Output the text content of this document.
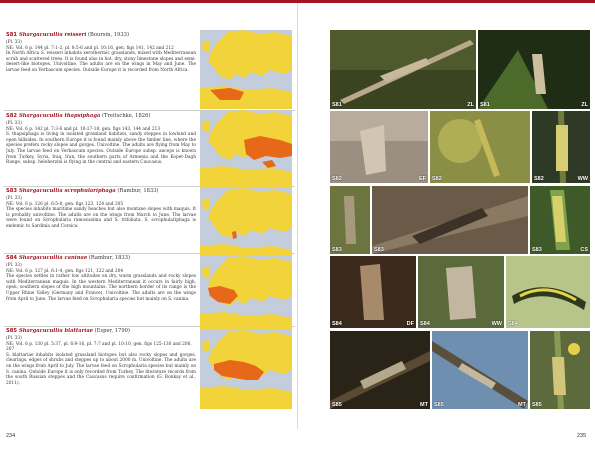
S81 Shargacucullia reisseri (Boursin, 1933)

(Pl. 33)

NE: Vol. 6 p. 144 pl. 7:1-2, pl. 8:5-6 and pl. 10:16, gen. figs 141, 142 and 212

In North Africa S. reisseri inhabits xerothermic grasslands, mixed with Mediterranean scrub and scattered trees. It is found also in hot, dry, stony limestone slopes and semi-desert-like biotopes. Univoltine. The adults are on the wings in May and June. The larvae feed on Verbascum species. Outside Europe it is recorded from North Africa.

S82 Shargacucullia thapsiphaga (Treitschke, 1826)

(Pl. 33)

NE: Vol. 6 p. 142 pl. 7:3-6 and pl. 10:17-18, gen. figs 143, 144 and 213

S. thapsiphaga is living in isolated grassland habitats, sandy steppes in lowland and open hillsides. In southern Europe it is found mainly above the timber line, where the species prefers rocky slopes and gorges. Univoltine. The adults are flying from May to July. The larvae feed on Verbascum species. Outside Europe subsp. anceps is known from Turkey, Syria, Iraq, Iran, the southern parts of Armenia and the Kopet-Dagh Range, subsp. heloherzini is flying in the central and eastern Caucasus.

S83 Shargacucullia scrophulariphaga (Rambur, 1833)

(Pl. 33)

NE: Vol. 6 p. 126 pl. 6:5-8, gen. figs 123, 124 and 205

The species inhabits maritime sandy beaches but also montane slopes with maquis. It is probably univoltine. The adults are on the wings from March to June. The larvae were found on Scrophularia ramosissima and S. trifoliata. S. scrophulariphaga is endemic to Sardinia and Corsica.

S84 Shargacucullia caninae (Rambur, 1833)

(Pl. 33)

NE: Vol. 6 p. 127 pl. 6:1-4, gen. figs 121, 122 and 204

The species settles in rather low altitudes on dry, warm grasslands and rocky slopes with Mediterranean maquis. In the western Mediterranean it occurs in fairly high, open, southern slopes of the high mountains. The northern border of its range is the Upper Rhine Valley (Germany and France). Univoltine. The adults are on the wings from April to June. The larvae feed on Scrophularia species but mainly on S. canina.

S85 Shargacucullia blattariae (Esper, 1790)

(Pl. 33)

NE: Vol. 6 p. 130 pl. 5:37, pl. 6:9-16, pl. 7:7 and pl. 10:10, gen. figs 125-130 and 206, 207

S. blattariae inhabits isolated grassland biotopes but also rocky slopes and gorges, clearings, edges of shrubs and steppes up to about 2000 m. Univoltine. The adults are on the wings from April to July. The larvae feed on Scrophularia species but mainly on S. canina. Outside Europe it is only recorded from Turkey. The literature records from the south Russian steppes and the Caucasus require confirmation (G. Ronkay et al., 2011).

S81	ZL S81	ZL
S82	EF S82	S82	WW
S83	S83	S83	CS
S84	DF S84	WW S84
S85	MT S85	MT S85
234	235
